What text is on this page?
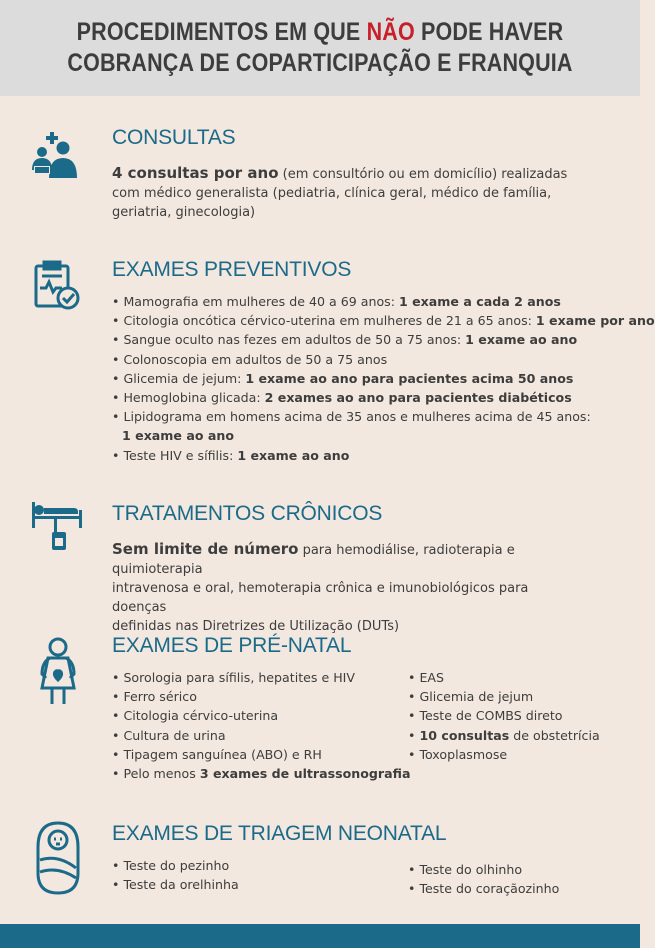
PROCEDIMENTOS EM QUE NÃO PODE HAVER
COBRANÇA DE COPARTICIPAÇÃO E FRANQUIA
CONSULTAS
4 consultas por ano (em consultório ou em domicílio) realizadas
com médico generalista (pediatria, clínica geral, médico de família,
geriatria, ginecologia)
EXAMES PREVENTIVOS
• Mamografia em mulheres de 40 a 69 anos: 1 exame a cada 2 anos
• Citologia oncótica cérvico-uterina em mulheres de 21 a 65 anos: 1 exame por ano
• Sangue oculto nas fezes em adultos de 50 a 75 anos: 1 exame ao ano
• Colonoscopia em adultos de 50 a 75 anos
• Glicemia de jejum: 1 exame ao ano para pacientes acima 50 anos
• Hemoglobina glicada: 2 exames ao ano para pacientes diabéticos
• Lipidograma em homens acima de 35 anos e mulheres acima de 45 anos:
1 exame ao ano
• Teste HIV e sífilis: 1 exame ao ano
TRATAMENTOS CRÔNICOS
Sem limite de número para hemodiálise, radioterapia e quimioterapia
intravenosa e oral, hemoterapia crônica e imunobiológicos para doenças
definidas nas Diretrizes de Utilização (DUTs)
EXAMES DE PRÉ-NATAL
• Sorologia para sífilis, hepatites e HIV
• Ferro sérico
• Citologia cérvico-uterina
• Cultura de urina
• Tipagem sanguínea (ABO) e RH
• Pelo menos 3 exames de ultrassonografia
• EAS
• Glicemia de jejum
• Teste de COMBS direto
• 10 consultas de obstetrícia
• Toxoplasmose
EXAMES DE TRIAGEM NEONATAL
• Teste do pezinho
• Teste da orelhinha
• Teste do olhinho
• Teste do coraçãozinho
